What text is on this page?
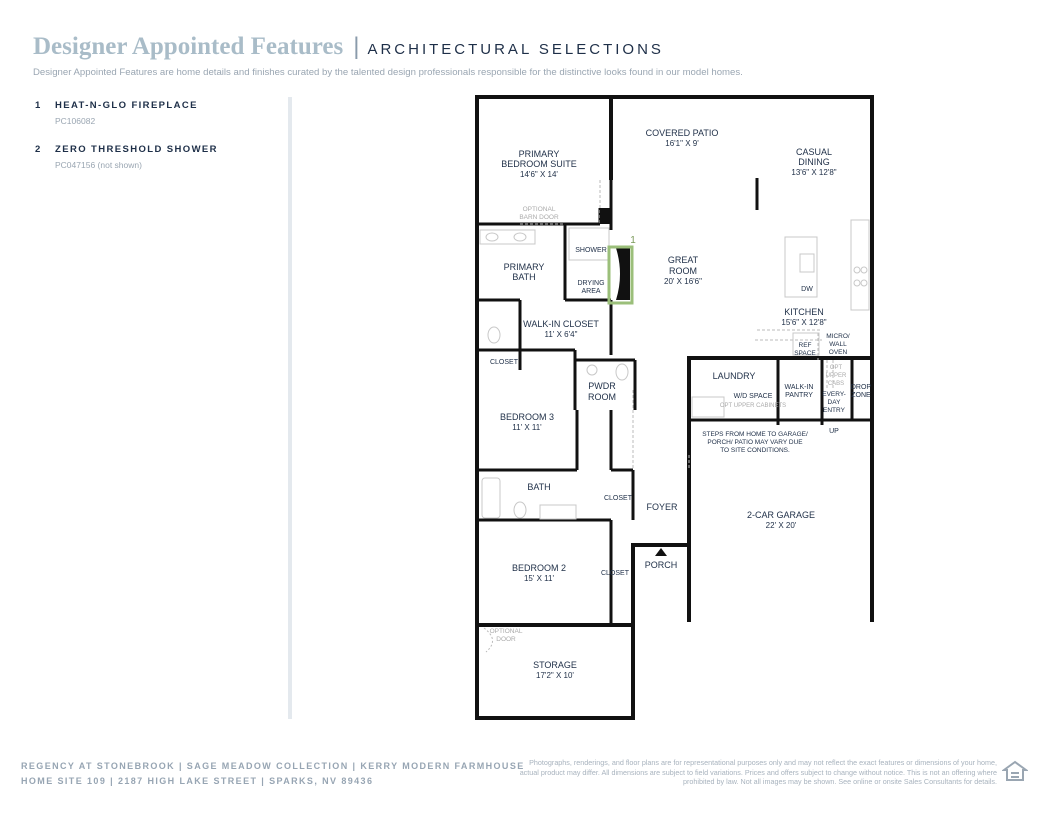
Designer Appointed Features | ARCHITECTURAL SELECTIONS
Designer Appointed Features are home details and finishes curated by the talented design professionals responsible for the distinctive looks found in our model homes.
1 HEAT-N-GLO FIREPLACE
PC106082
2 ZERO THRESHOLD SHOWER
PC047156 (not shown)
1
COVERED PATIO
16'1" X 9'
CASUAL
DINING
13'6" X 12'8"
PRIMARY
BEDROOM SUITE
14'6" X 14'
OPTIONAL
BARN DOOR
SHOWER
DRYING
AREA
GREAT
ROOM
20' X 16'6"
PRIMARY
BATH
DW
KITCHEN
15'6" X 12'8"
WALK-IN CLOSET
11' X 6'4"
REF
SPACE
MICRO/
WALL
OVEN
CLOSET
PWDR
ROOM
LAUNDRY
OPT
UPPER
CABS
WALK-IN
PANTRY
DROP
ZONE
W/D SPACE
OPT UPPER CABINETS
EVERY-
DAY
ENTRY
BEDROOM 3
11' X 11'	UP
STEPS FROM HOME TO GARAGE/
PORCH/ PATIO MAY VARY DUE
TO SITE CONDITIONS.
BATH
CLOSET
FOYER
2-CAR GARAGE
22' X 20'
BEDROOM 2
15' X 11'
PORCH
CLOSET
OPTIONAL
DOOR
STORAGE
17'2" X 10'
REGENCY AT STONEBROOK | SAGE MEADOW COLLECTION | KERRY MODERN FARMHOUSE
HOME SITE 109 | 2187 HIGH LAKE STREET | SPARKS, NV 89436
Photographs, renderings, and floor plans are for representational purposes only and may not reflect the exact features or dimensions of your home, actual product may differ. All dimensions are subject to field variations. Prices and offers subject to change without notice. This is not an offering where prohibited by law. Not all images may be shown. See online or onsite Sales Consultants for details.
